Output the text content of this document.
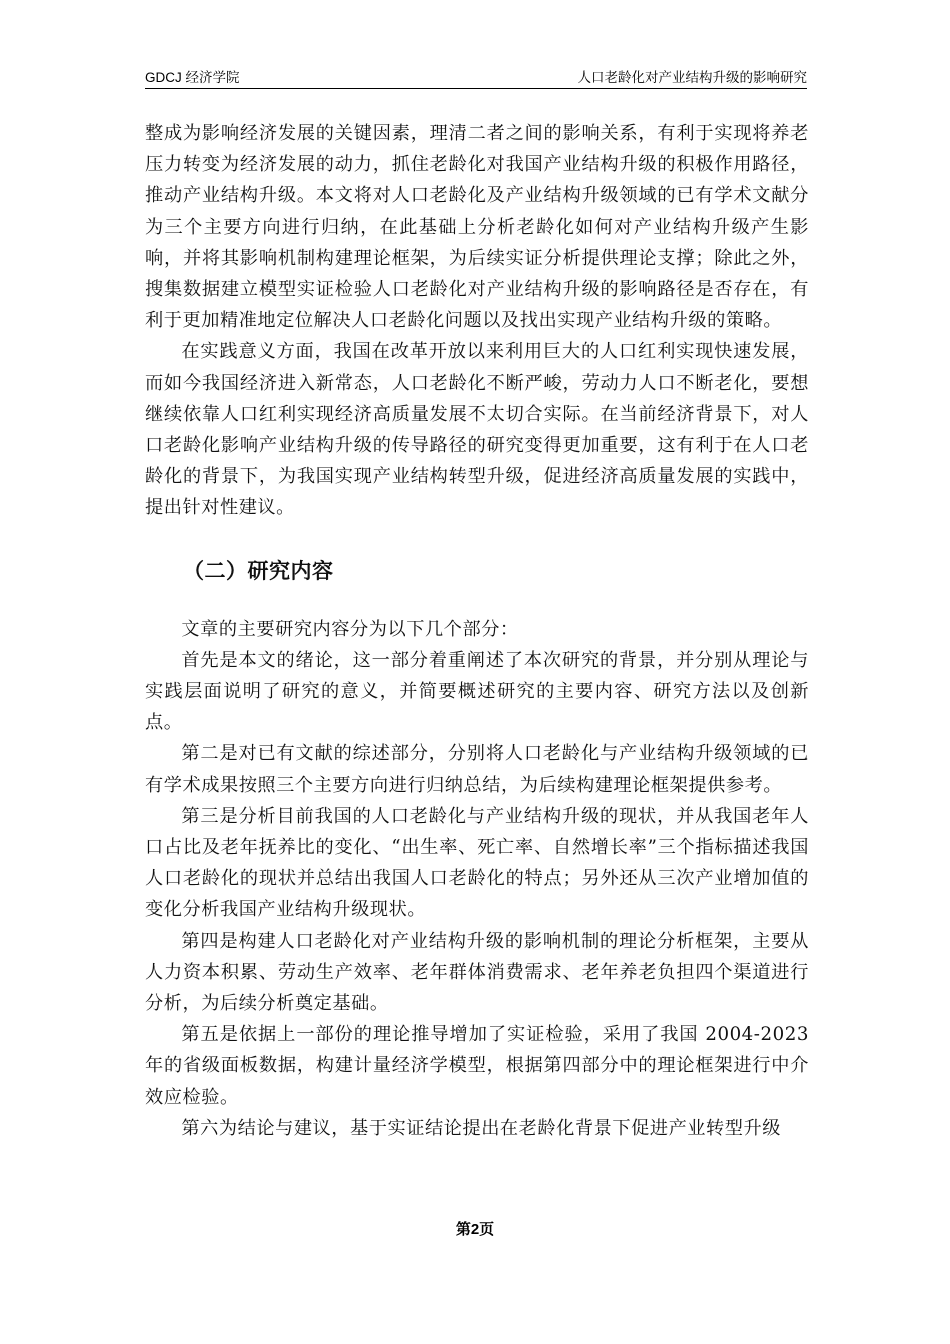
GDCJ 经济学院	人口老龄化对产业结构升级的影响研究

整成为影响经济发展的关键因素，理清二者之间的影响关系，有利于实现将养老压力转变为经济发展的动力，抓住老龄化对我国产业结构升级的积极作用路径，推动产业结构升级。本文将对人口老龄化及产业结构升级领域的已有学术文献分为三个主要方向进行归纳，在此基础上分析老龄化如何对产业结构升级产生影响，并将其影响机制构建理论框架，为后续实证分析提供理论支撑；除此之外，搜集数据建立模型实证检验人口老龄化对产业结构升级的影响路径是否存在，有利于更加精准地定位解决人口老龄化问题以及找出实现产业结构升级的策略。

在实践意义方面，我国在改革开放以来利用巨大的人口红利实现快速发展，而如今我国经济进入新常态，人口老龄化不断严峻，劳动力人口不断老化，要想继续依靠人口红利实现经济高质量发展不太切合实际。在当前经济背景下，对人口老龄化影响产业结构升级的传导路径的研究变得更加重要，这有利于在人口老龄化的背景下，为我国实现产业结构转型升级，促进经济高质量发展的实践中，提出针对性建议。

（二）研究内容

文章的主要研究内容分为以下几个部分：

首先是本文的绪论，这一部分着重阐述了本次研究的背景，并分别从理论与实践层面说明了研究的意义，并简要概述研究的主要内容、研究方法以及创新点。

第二是对已有文献的综述部分，分别将人口老龄化与产业结构升级领域的已有学术成果按照三个主要方向进行归纳总结，为后续构建理论框架提供参考。

第三是分析目前我国的人口老龄化与产业结构升级的现状，并从我国老年人口占比及老年抚养比的变化、“出生率、死亡率、自然增长率”三个指标描述我国人口老龄化的现状并总结出我国人口老龄化的特点；另外还从三次产业增加值的变化分析我国产业结构升级现状。

第四是构建人口老龄化对产业结构升级的影响机制的理论分析框架，主要从人力资本积累、劳动生产效率、老年群体消费需求、老年养老负担四个渠道进行分析，为后续分析奠定基础。

第五是依据上一部份的理论推导增加了实证检验，采用了我国 2004-2023 年的省级面板数据，构建计量经济学模型，根据第四部分中的理论框架进行中介效应检验。

第六为结论与建议，基于实证结论提出在老龄化背景下促进产业转型升级

第2页
